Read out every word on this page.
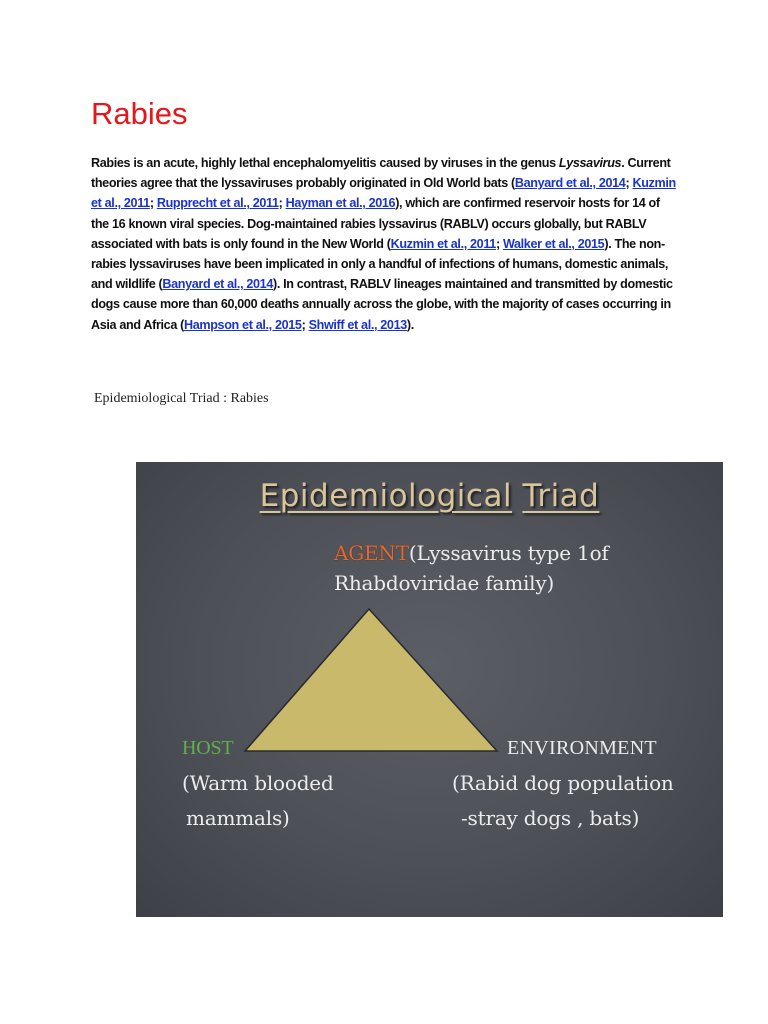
Rabies
Rabies is an acute, highly lethal encephalomyelitis caused by viruses in the genus Lyssavirus. Current
theories agree that the lyssaviruses probably originated in Old World bats (Banyard et al., 2014; Kuzmin
et al., 2011; Rupprecht et al., 2011; Hayman et al., 2016), which are confirmed reservoir hosts for 14 of
the 16 known viral species. Dog-maintained rabies lyssavirus (RABLV) occurs globally, but RABLV
associated with bats is only found in the New World (Kuzmin et al., 2011; Walker et al., 2015). The non-
rabies lyssaviruses have been implicated in only a handful of infections of humans, domestic animals,
and wildlife (Banyard et al., 2014). In contrast, RABLV lineages maintained and transmitted by domestic
dogs cause more than 60,000 deaths annually across the globe, with the majority of cases occurring in
Asia and Africa (Hampson et al., 2015; Shwiff et al., 2013).
Epidemiological Triad : Rabies
Epidemiological Triad
AGENT(Lyssavirus type 1of
Rhabdoviridae family)
HOST
(Warm blooded
mammals)
ENVIRONMENT
(Rabid dog population
-stray dogs , bats)
